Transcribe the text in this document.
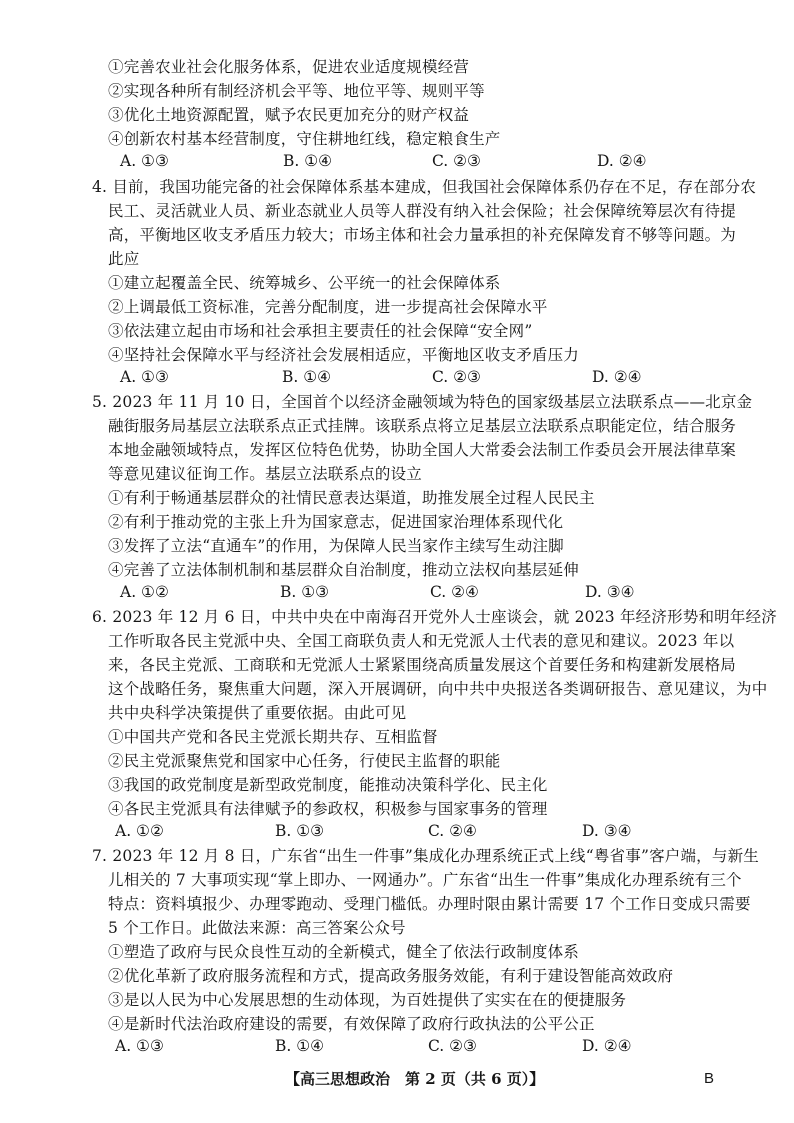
①完善农业社会化服务体系，促进农业适度规模经营
②实现各种所有制经济机会平等、地位平等、规则平等
③优化土地资源配置，赋予农民更加充分的财产权益
④创新农村基本经营制度，守住耕地红线，稳定粮食生产
A. ①③	B. ①④	C. ②③	D. ②④
4. 目前，我国功能完备的社会保障体系基本建成，但我国社会保障体系仍存在不足，存在部分农
民工、灵活就业人员、新业态就业人员等人群没有纳入社会保险；社会保障统筹层次有待提
高，平衡地区收支矛盾压力较大；市场主体和社会力量承担的补充保障发育不够等问题。为
此应
①建立起覆盖全民、统筹城乡、公平统一的社会保障体系
②上调最低工资标准，完善分配制度，进一步提高社会保障水平
③依法建立起由市场和社会承担主要责任的社会保障“安全网”
④坚持社会保障水平与经济社会发展相适应，平衡地区收支矛盾压力
A. ①③	B. ①④	C. ②③	D. ②④
5. 2023 年 11 月 10 日，全国首个以经济金融领域为特色的国家级基层立法联系点——北京金
融街服务局基层立法联系点正式挂牌。该联系点将立足基层立法联系点职能定位，结合服务
本地金融领域特点，发挥区位特色优势，协助全国人大常委会法制工作委员会开展法律草案
等意见建议征询工作。基层立法联系点的设立
①有利于畅通基层群众的社情民意表达渠道，助推发展全过程人民民主
②有利于推动党的主张上升为国家意志，促进国家治理体系现代化
③发挥了立法“直通车”的作用，为保障人民当家作主续写生动注脚
④完善了立法体制机制和基层群众自治制度，推动立法权向基层延伸
A. ①②	B. ①③	C. ②④	D. ③④
6. 2023 年 12 月 6 日，中共中央在中南海召开党外人士座谈会，就 2023 年经济形势和明年经济
工作听取各民主党派中央、全国工商联负责人和无党派人士代表的意见和建议。2023 年以
来，各民主党派、工商联和无党派人士紧紧围绕高质量发展这个首要任务和构建新发展格局
这个战略任务，聚焦重大问题，深入开展调研，向中共中央报送各类调研报告、意见建议，为中
共中央科学决策提供了重要依据。由此可见
①中国共产党和各民主党派长期共存、互相监督
②民主党派聚焦党和国家中心任务，行使民主监督的职能
③我国的政党制度是新型政党制度，能推动决策科学化、民主化
④各民主党派具有法律赋予的参政权，积极参与国家事务的管理
A. ①②	B. ①③	C. ②④	D. ③④
7. 2023 年 12 月 8 日，广东省“出生一件事”集成化办理系统正式上线“粤省事”客户端，与新生
儿相关的 7 大事项实现“掌上即办、一网通办”。广东省“出生一件事”集成化办理系统有三个
特点：资料填报少、办理零跑动、受理门槛低。办理时限由累计需要 17 个工作日变成只需要
5 个工作日。此做法来源：高三答案公众号
①塑造了政府与民众良性互动的全新模式，健全了依法行政制度体系
②优化革新了政府服务流程和方式，提高政务服务效能，有利于建设智能高效政府
③是以人民为中心发展思想的生动体现，为百姓提供了实实在在的便捷服务
④是新时代法治政府建设的需要，有效保障了政府行政执法的公平公正
A. ①③	B. ①④	C. ②③	D. ②④
【高三思想政治　第 2 页（共 6 页）】	B
